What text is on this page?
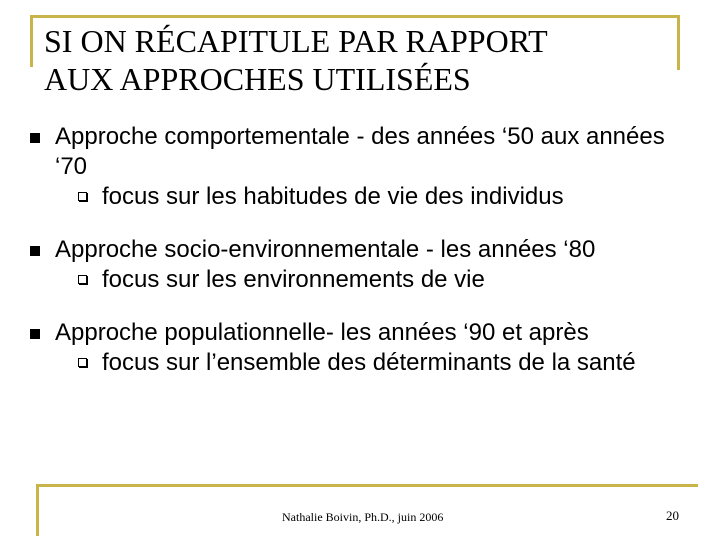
SI ON RÉCAPITULE PAR RAPPORT
AUX APPROCHES UTILISÉES
Approche comportementale - des années ‘50 aux années ‘70
focus sur les habitudes de vie des individus
Approche socio-environnementale - les années ‘80
focus sur les environnements de vie
Approche populationnelle- les années ‘90 et après
focus sur l’ensemble des déterminants de la santé
Nathalie Boivin, Ph.D., juin 2006	20
